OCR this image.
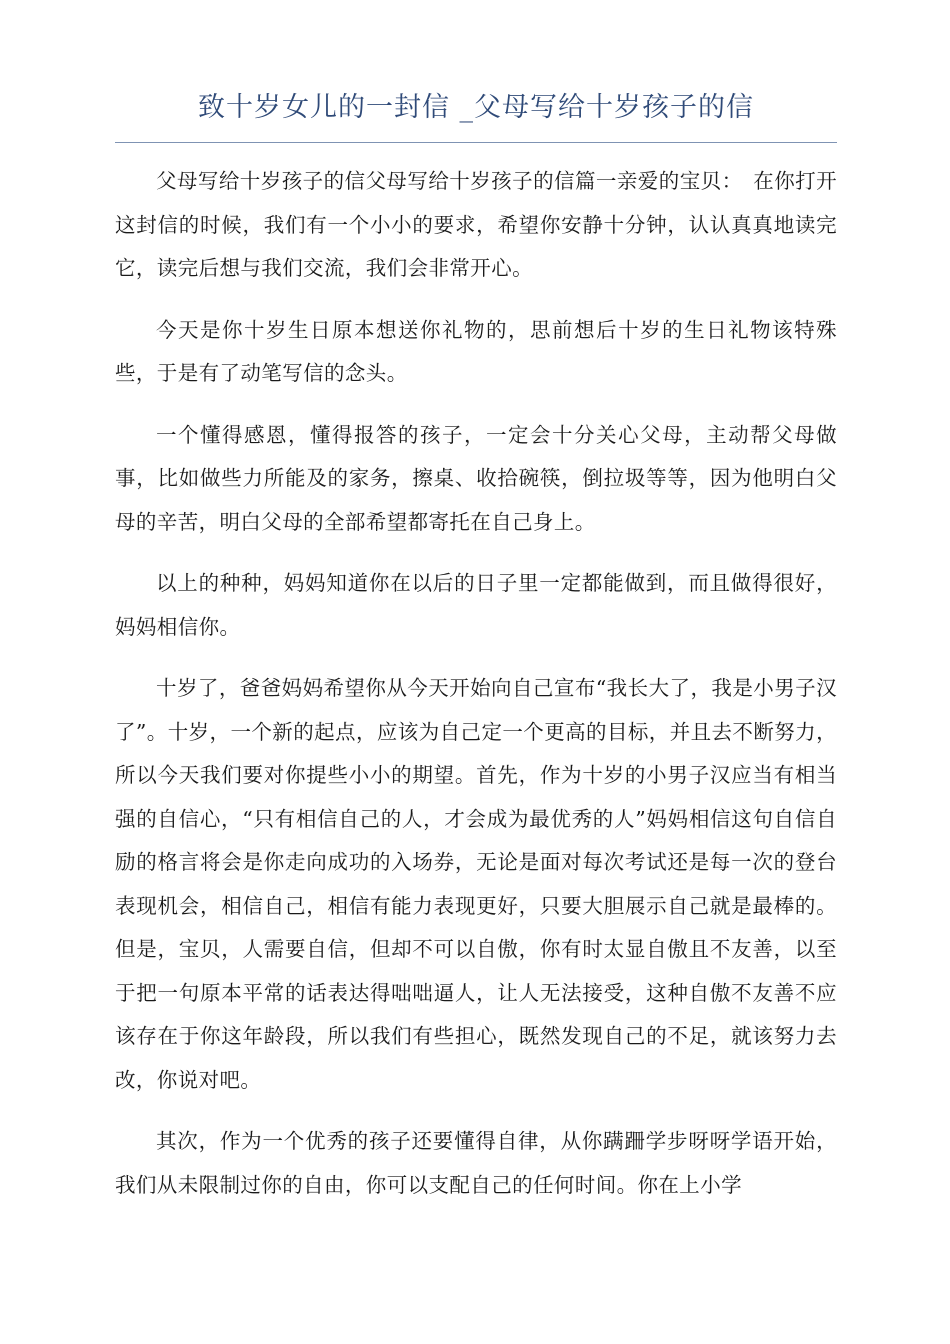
致十岁女儿的一封信 _父母写给十岁孩子的信

父母写给十岁孩子的信父母写给十岁孩子的信篇一亲爱的宝贝：　在你打开这封信的时候，我们有一个小小的要求，希望你安静十分钟，认认真真地读完它，读完后想与我们交流，我们会非常开心。

今天是你十岁生日原本想送你礼物的，思前想后十岁的生日礼物该特殊些，于是有了动笔写信的念头。

一个懂得感恩，懂得报答的孩子，一定会十分关心父母，主动帮父母做事，比如做些力所能及的家务，擦桌、收拾碗筷，倒拉圾等等，因为他明白父母的辛苦，明白父母的全部希望都寄托在自己身上。

以上的种种，妈妈知道你在以后的日子里一定都能做到，而且做得很好，妈妈相信你。

十岁了，爸爸妈妈希望你从今天开始向自己宣布“我长大了，我是小男子汉了”。十岁，一个新的起点，应该为自己定一个更高的目标，并且去不断努力，所以今天我们要对你提些小小的期望。首先，作为十岁的小男子汉应当有相当强的自信心，“只有相信自己的人，才会成为最优秀的人”妈妈相信这句自信自励的格言将会是你走向成功的入场券，无论是面对每次考试还是每一次的登台表现机会，相信自己，相信有能力表现更好，只要大胆展示自己就是最棒的。但是，宝贝，人需要自信，但却不可以自傲，你有时太显自傲且不友善，以至于把一句原本平常的话表达得咄咄逼人，让人无法接受，这种自傲不友善不应该存在于你这年龄段，所以我们有些担心，既然发现自己的不足，就该努力去改，你说对吧。

其次，作为一个优秀的孩子还要懂得自律，从你蹒跚学步呀呀学语开始，我们从未限制过你的自由，你可以支配自己的任何时间。你在上小学
